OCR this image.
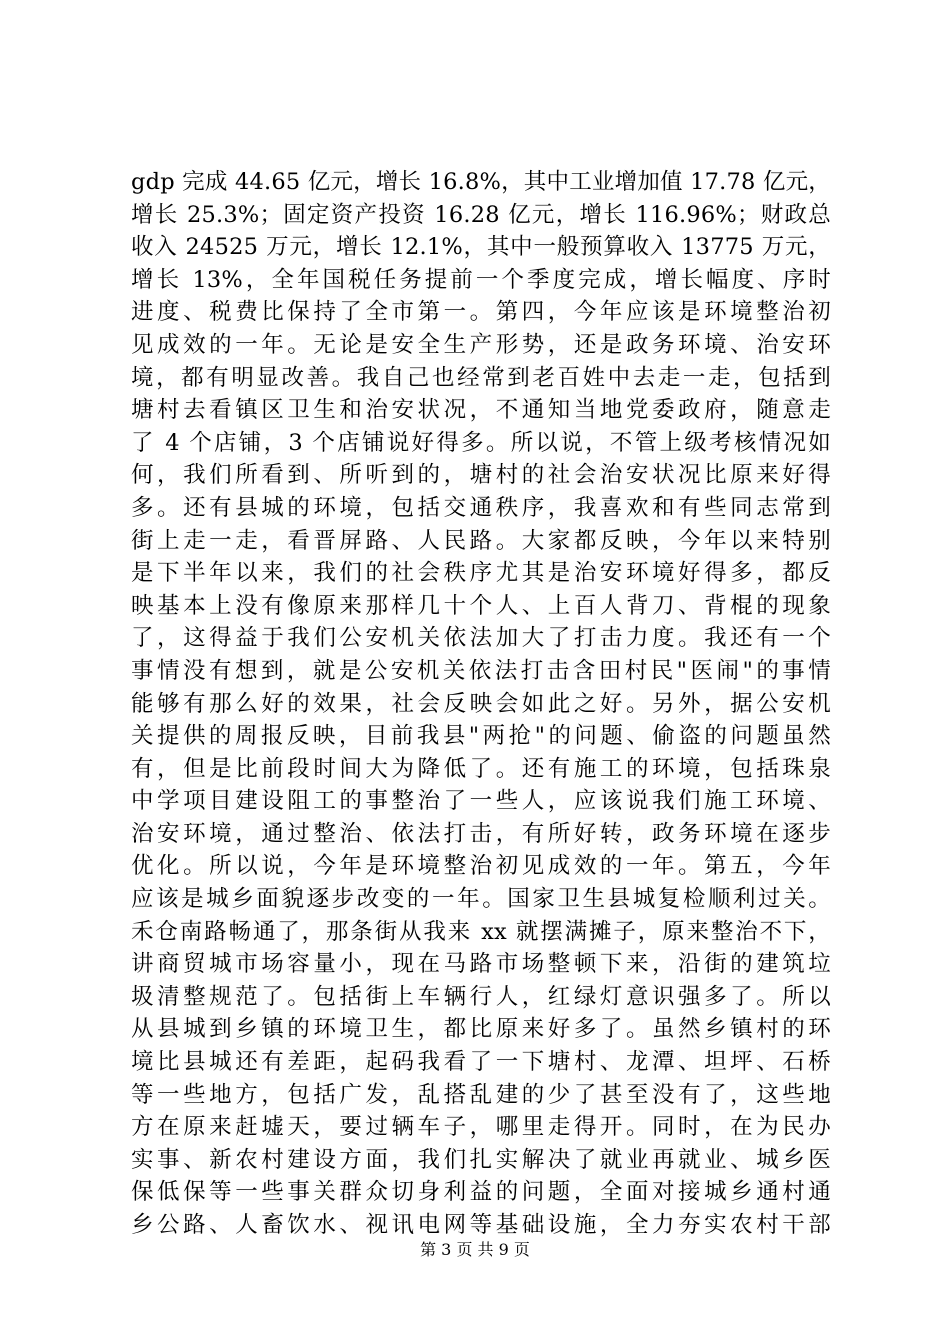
gdp 完成 44.65 亿元，增长 16.8%，其中工业增加值 17.78 亿元，
增长 25.3%；固定资产投资 16.28 亿元，增长 116.96%；财政总
收入 24525 万元，增长 12.1%，其中一般预算收入 13775 万元，
增长 13%，全年国税任务提前一个季度完成，增长幅度、序时
进度、税费比保持了全市第一。第四，今年应该是环境整治初
见成效的一年。无论是安全生产形势，还是政务环境、治安环
境，都有明显改善。我自己也经常到老百姓中去走一走，包括到
塘村去看镇区卫生和治安状况，不通知当地党委政府，随意走
了 4 个店铺，3 个店铺说好得多。所以说，不管上级考核情况如
何，我们所看到、所听到的，塘村的社会治安状况比原来好得
多。还有县城的环境，包括交通秩序，我喜欢和有些同志常到
街上走一走，看晋屏路、人民路。大家都反映，今年以来特别
是下半年以来，我们的社会秩序尤其是治安环境好得多，都反
映基本上没有像原来那样几十个人、上百人背刀、背棍的现象
了，这得益于我们公安机关依法加大了打击力度。我还有一个
事情没有想到，就是公安机关依法打击含田村民"医闹"的事情
能够有那么好的效果，社会反映会如此之好。另外，据公安机
关提供的周报反映，目前我县"两抢"的问题、偷盗的问题虽然
有，但是比前段时间大为降低了。还有施工的环境，包括珠泉
中学项目建设阻工的事整治了一些人，应该说我们施工环境、
治安环境，通过整治、依法打击，有所好转，政务环境在逐步
优化。所以说，今年是环境整治初见成效的一年。第五，今年
应该是城乡面貌逐步改变的一年。国家卫生县城复检顺利过关。
禾仓南路畅通了，那条街从我来 xx 就摆满摊子，原来整治不下，
讲商贸城市场容量小，现在马路市场整顿下来，沿街的建筑垃
圾清整规范了。包括街上车辆行人，红绿灯意识强多了。所以
从县城到乡镇的环境卫生，都比原来好多了。虽然乡镇村的环
境比县城还有差距，起码我看了一下塘村、龙潭、坦坪、石桥
等一些地方，包括广发，乱搭乱建的少了甚至没有了，这些地
方在原来赶墟天，要过辆车子，哪里走得开。同时，在为民办
实事、新农村建设方面，我们扎实解决了就业再就业、城乡医
保低保等一些事关群众切身利益的问题，全面对接城乡通村通
乡公路、人畜饮水、视讯电网等基础设施，全力夯实农村干部
第 3 页 共 9 页
